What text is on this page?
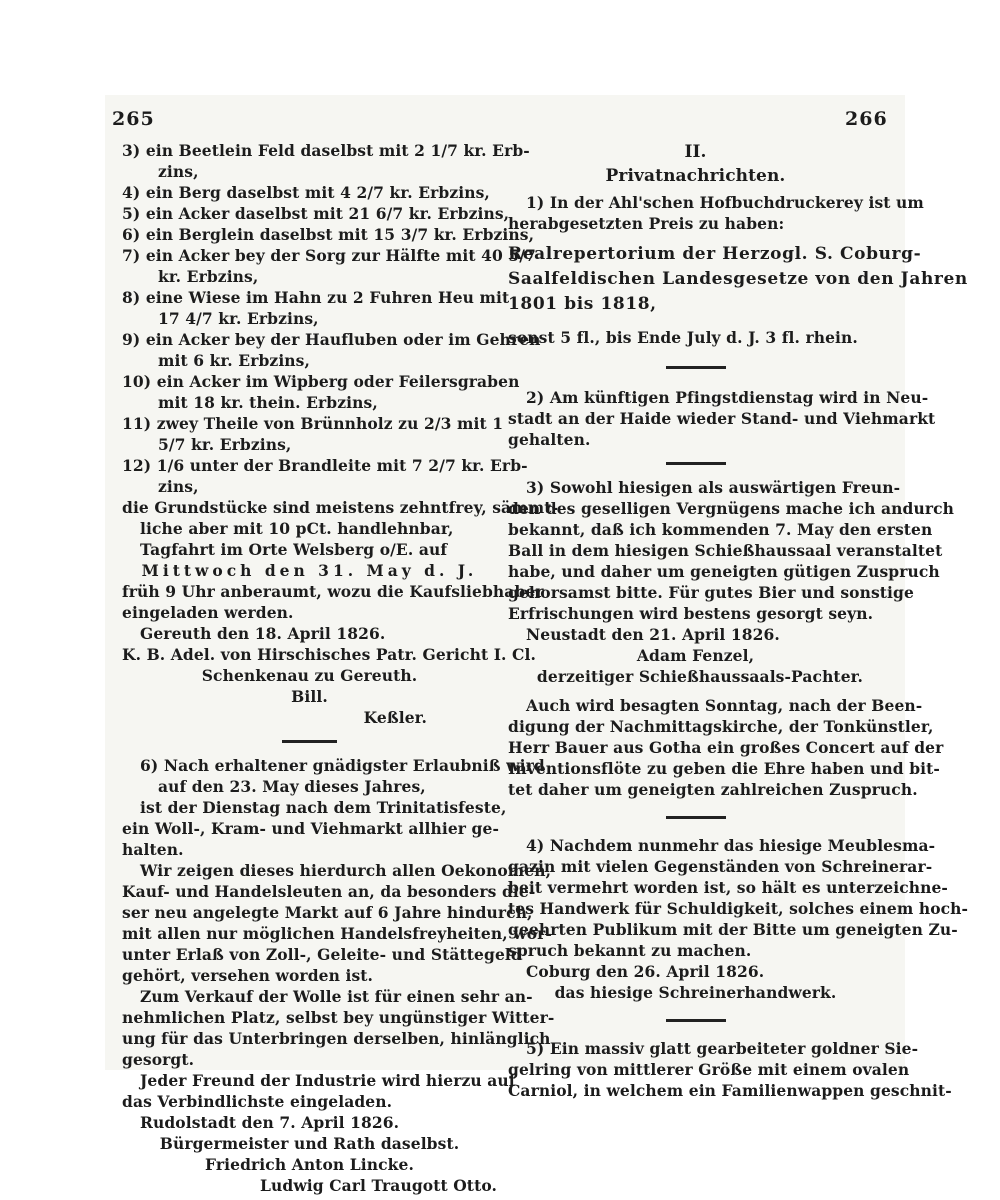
265	266
3) ein Beetlein Feld daselbst mit 2 1/7 kr. Erb-
zins,
4) ein Berg daselbst mit 4 2/7 kr. Erbzins,
5) ein Acker daselbst mit 21 6/7 kr. Erbzins,
6) ein Berglein daselbst mit 15 3/7 kr. Erbzins,
7) ein Acker bey der Sorg zur Hälfte mit 40 5/7
kr. Erbzins,
8) eine Wiese im Hahn zu 2 Fuhren Heu mit
17 4/7 kr. Erbzins,
9) ein Acker bey der Haufluben oder im Gehren
mit 6 kr. Erbzins,
10) ein Acker im Wipberg oder Feilersgraben
mit 18 kr. thein. Erbzins,
11) zwey Theile von Brünnholz zu 2/3 mit 1
5/7 kr. Erbzins,
12) 1/6 unter der Brandleite mit 7 2/7 kr. Erb-
zins,
die Grundstücke sind meistens zehntfrey, sämmt-
liche aber mit 10 pCt. handlehnbar,
Tagfahrt im Orte Welsberg o/E. auf
Mittwoch den 31. May d. J.
früh 9 Uhr anberaumt, wozu die Kaufsliebhaber
eingeladen werden.
Gereuth den 18. April 1826.
K. B. Adel. von Hirschisches Patr. Gericht I. Cl.
Schenkenau zu Gereuth.
Bill.
Keßler.
6) Nach erhaltener gnädigster Erlaubniß wird
auf den 23. May dieses Jahres,
ist der Dienstag nach dem Trinitatisfeste,
ein Woll-, Kram- und Viehmarkt allhier ge-
halten.
Wir zeigen dieses hierdurch allen Oekonomen,
Kauf- und Handelsleuten an, da besonders die-
ser neu angelegte Markt auf 6 Jahre hindurch,
mit allen nur möglichen Handelsfreyheiten, wor-
unter Erlaß von Zoll-, Geleite- und Stättegeld
gehört, versehen worden ist.
Zum Verkauf der Wolle ist für einen sehr an-
nehmlichen Platz, selbst bey ungünstiger Witter-
ung für das Unterbringen derselben, hinlänglich
gesorgt.
Jeder Freund der Industrie wird hierzu auf
das Verbindlichste eingeladen.
Rudolstadt den 7. April 1826.
Bürgermeister und Rath daselbst.
Friedrich Anton Lincke.
Ludwig Carl Traugott Otto.
II.
Privatnachrichten.
1) In der Ahl'schen Hofbuchdruckerey ist um
herabgesetzten Preis zu haben:
Realrepertorium der Herzogl. S. Coburg-
Saalfeldischen Landesgesetze von den Jahren
1801 bis 1818,
sonst 5 fl., bis Ende July d. J. 3 fl. rhein.
2) Am künftigen Pfingstdienstag wird in Neu-
stadt an der Haide wieder Stand- und Viehmarkt
gehalten.
3) Sowohl hiesigen als auswärtigen Freun-
den des geselligen Vergnügens mache ich andurch
bekannt, daß ich kommenden 7. May den ersten
Ball in dem hiesigen Schießhaussaal veranstaltet
habe, und daher um geneigten gütigen Zuspruch
gehorsamst bitte. Für gutes Bier und sonstige
Erfrischungen wird bestens gesorgt seyn.
Neustadt den 21. April 1826.
Adam Fenzel,
derzeitiger Schießhaussaals-Pachter.
Auch wird besagten Sonntag, nach der Been-
digung der Nachmittagskirche, der Tonkünstler,
Herr Bauer aus Gotha ein großes Concert auf der
Inventionsflöte zu geben die Ehre haben und bit-
tet daher um geneigten zahlreichen Zuspruch.
4) Nachdem nunmehr das hiesige Meublesma-
gazin mit vielen Gegenständen von Schreinerar-
beit vermehrt worden ist, so hält es unterzeichne-
tes Handwerk für Schuldigkeit, solches einem hoch-
geehrten Publikum mit der Bitte um geneigten Zu-
spruch bekannt zu machen.
Coburg den 26. April 1826.
das hiesige Schreinerhandwerk.
5) Ein massiv glatt gearbeiteter goldner Sie-
gelring von mittlerer Größe mit einem ovalen
Carniol, in welchem ein Familienwappen geschnit-
